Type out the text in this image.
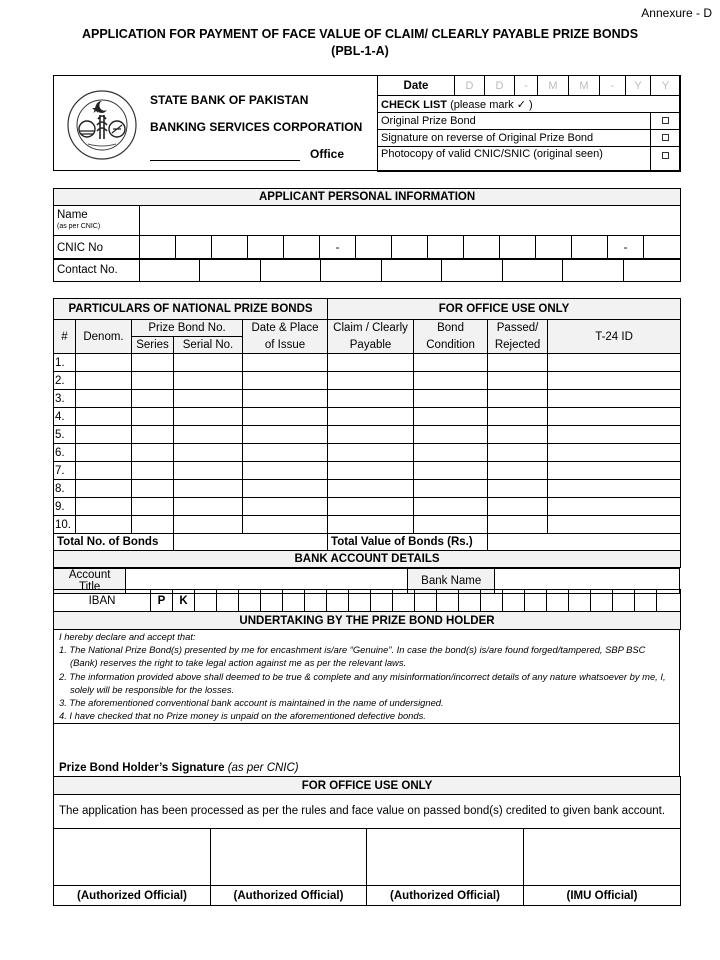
Annexure - D
APPLICATION FOR PAYMENT OF FACE VALUE OF CLAIM/ CLEARLY PAYABLE PRIZE BONDS
(PBL-1-A)
STATE BANK OF PAKISTAN
BANKING SERVICES CORPORATION
Office
Date	D	D	-	M	M	-	Y	Y
CHECK LIST (please mark ✓ )								
Original Prize Bond								
Signature on reverse of Original Prize Bond								
Photocopy of valid CNIC/SNIC (original seen)								
APPLICANT PERSONAL INFORMATION															

Name
(as per CNIC)															

CNIC No						-								-	
Contact No.									
PARTICULARS OF NATIONAL PRIZE BONDS					FOR OFFICE USE ONLY			
#	Denom.	Prize Bond No.		Date & Place	Claim / Clearly	Bond	Passed/	T-24 ID
		Series	Serial No.	of Issue	Payable	Condition	Rejected	
1.								
2.								
3.								
4.								
5.								
6.								
7.								
8.								
9.								
10.								
Total No. of Bonds					Total Value of Bonds (Rs.)			
BANK ACCOUNT DETAILS								
Account Title		Bank Name	
IBAN	P	K																						
UNDERTAKING BY THE PRIZE BOND HOLDER
I hereby declare and accept that:
1. The National Prize Bond(s) presented by me for encashment is/are “Genuine”. In case the bond(s) is/are found forged/tampered, SBP BSC (Bank) reserves the right to take legal action against me as per the relevant laws.
2. The information provided above shall deemed to be true & complete and any misinformation/incorrect details of any nature whatsoever by me, I, solely will be responsible for the losses.
3. The aforementioned conventional bank account is maintained in the name of undersigned.
4. I have checked that no Prize money is unpaid on the aforementioned defective bonds.
Prize Bond Holder’s Signature (as per CNIC)
FOR OFFICE USE ONLY			
The application has been processed as per the rules and face value on passed bond(s) credited to given bank account.			

(Authorized Official)	(Authorized Official)	(Authorized Official)	(IMU Official)
